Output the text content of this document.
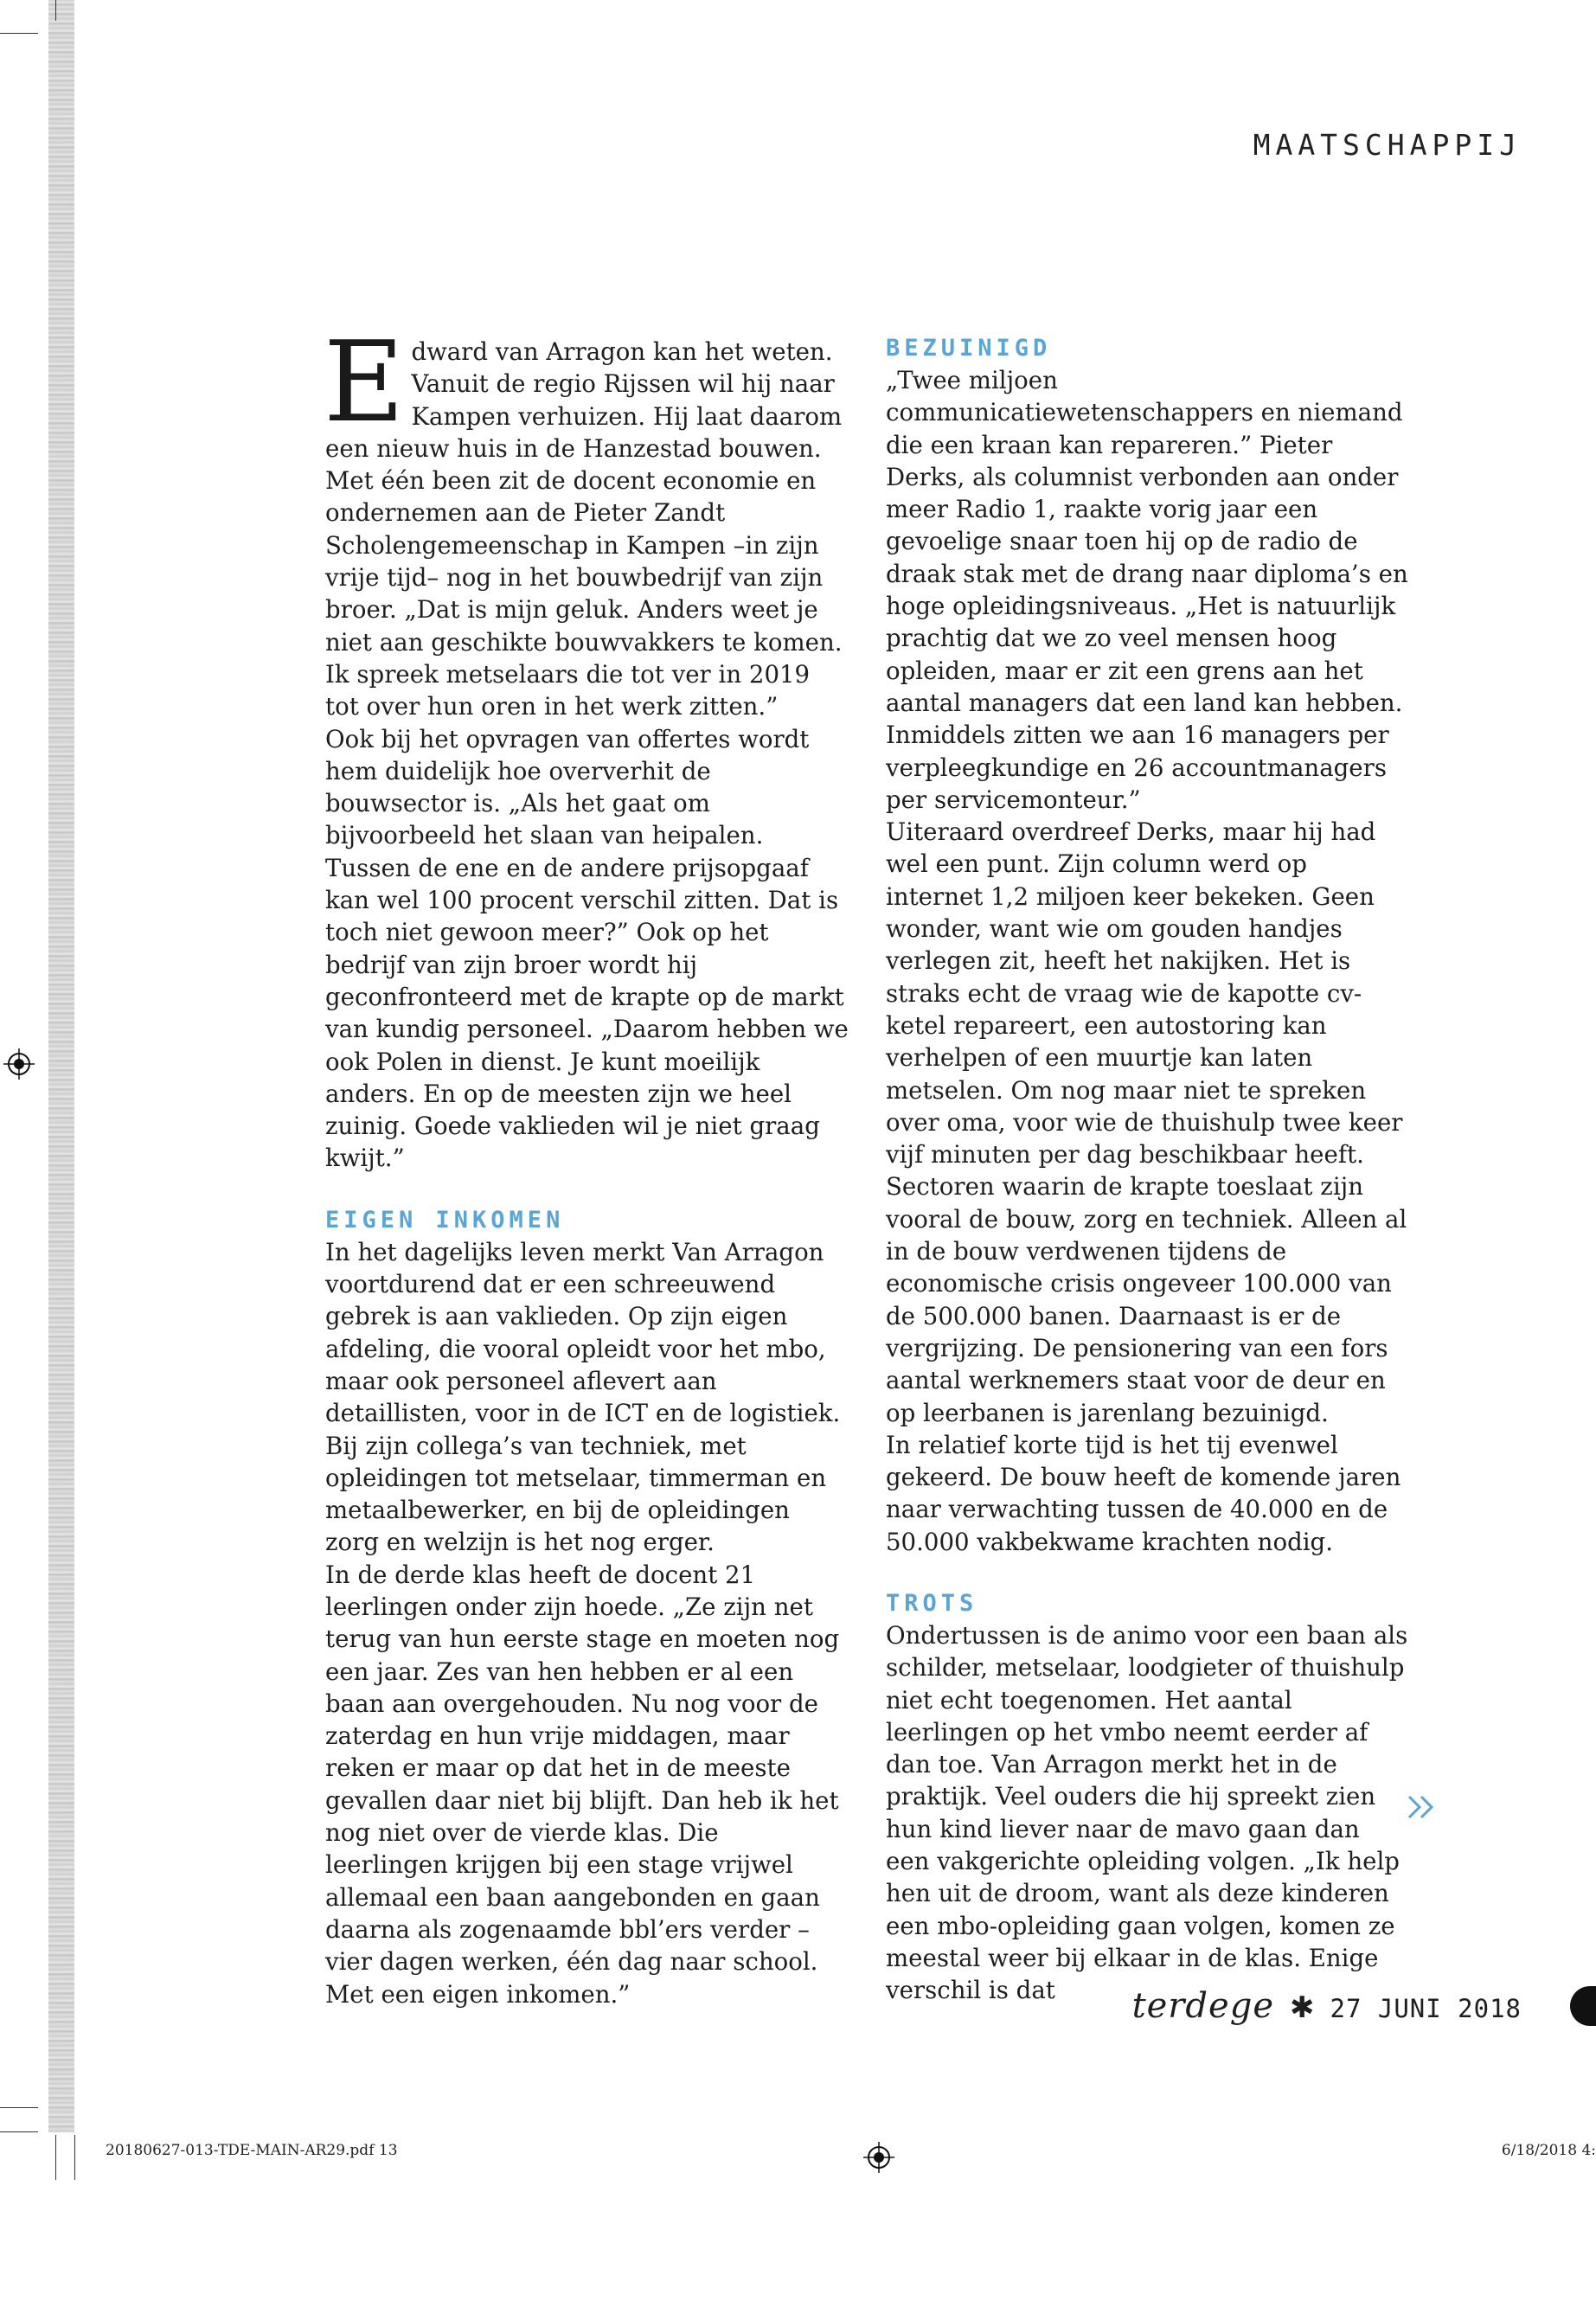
MAATSCHAPPIJ

Edward van Arragon kan het weten. Vanuit de regio Rijssen wil hij naar Kampen verhuizen. Hij laat daarom een nieuw huis in de Hanzestad bouwen. Met één been zit de docent economie en ondernemen aan de Pieter Zandt Scholengemeenschap in Kampen –in zijn vrije tijd– nog in het bouwbedrijf van zijn broer. „Dat is mijn geluk. Anders weet je niet aan geschikte bouwvakkers te komen. Ik spreek metselaars die tot ver in 2019 tot over hun oren in het werk zitten.”

Ook bij het opvragen van offertes wordt hem duidelijk hoe oververhit de bouwsector is. „Als het gaat om bijvoorbeeld het slaan van heipalen. Tussen de ene en de andere prijsopgaaf kan wel 100 procent verschil zitten. Dat is toch niet gewoon meer?” Ook op het bedrijf van zijn broer wordt hij geconfronteerd met de krapte op de markt van kundig personeel. „Daarom hebben we ook Polen in dienst. Je kunt moeilijk anders. En op de meesten zijn we heel zuinig. Goede vaklieden wil je niet graag kwijt.”

EIGEN INKOMEN

In het dagelijks leven merkt Van Arragon voortdurend dat er een schreeuwend gebrek is aan vaklieden. Op zijn eigen afdeling, die vooral opleidt voor het mbo, maar ook personeel aflevert aan detaillisten, voor in de ICT en de logistiek. Bij zijn collega’s van techniek, met opleidingen tot metselaar, timmerman en metaalbewerker, en bij de opleidingen zorg en welzijn is het nog erger.

In de derde klas heeft de docent 21 leerlingen onder zijn hoede. „Ze zijn net terug van hun eerste stage en moeten nog een jaar. Zes van hen hebben er al een baan aan overgehouden. Nu nog voor de zaterdag en hun vrije middagen, maar reken er maar op dat het in de meeste gevallen daar niet bij blijft. Dan heb ik het nog niet over de vierde klas. Die leerlingen krijgen bij een stage vrijwel allemaal een baan aangebonden en gaan daarna als zogenaamde bbl’ers verder – vier dagen werken, één dag naar school. Met een eigen inkomen.”

BEZUINIGD

„Twee miljoen communicatiewetenschappers en niemand die een kraan kan repareren.” Pieter Derks, als columnist verbonden aan onder meer Radio 1, raakte vorig jaar een gevoelige snaar toen hij op de radio de draak stak met de drang naar diploma’s en hoge opleidingsniveaus. „Het is natuurlijk prachtig dat we zo veel mensen hoog opleiden, maar er zit een grens aan het aantal managers dat een land kan hebben. Inmiddels zitten we aan 16 managers per verpleegkundige en 26 accountmanagers per servicemonteur.”

Uiteraard overdreef Derks, maar hij had wel een punt. Zijn column werd op internet 1,2 miljoen keer bekeken. Geen wonder, want wie om gouden handjes verlegen zit, heeft het nakijken. Het is straks echt de vraag wie de kapotte cv-ketel repareert, een autostoring kan verhelpen of een muurtje kan laten metselen. Om nog maar niet te spreken over oma, voor wie de thuishulp twee keer vijf minuten per dag beschikbaar heeft.

Sectoren waarin de krapte toeslaat zijn vooral de bouw, zorg en techniek. Alleen al in de bouw verdwenen tijdens de economische crisis ongeveer 100.000 van de 500.000 banen. Daarnaast is er de vergrijzing. De pensionering van een fors aantal werknemers staat voor de deur en op leerbanen is jarenlang bezuinigd.

In relatief korte tijd is het tij evenwel gekeerd. De bouw heeft de komende jaren naar verwachting tussen de 40.000 en de 50.000 vakbekwame krachten nodig.

TROTS

Ondertussen is de animo voor een baan als schilder, metselaar, loodgieter of thuishulp niet echt toegenomen. Het aantal leerlingen op het vmbo neemt eerder af dan toe. Van Arragon merkt het in de praktijk. Veel ouders die hij spreekt zien hun kind liever naar de mavo gaan dan een vakgerichte opleiding volgen. „Ik help hen uit de droom, want als deze kinderen een mbo-opleiding gaan volgen, komen ze meestal weer bij elkaar in de klas. Enige verschil is dat	terdege ✱ 27 JUNI 2018
20180627-013-TDE-MAIN-AR29.pdf 13	6/18/2018 4:
